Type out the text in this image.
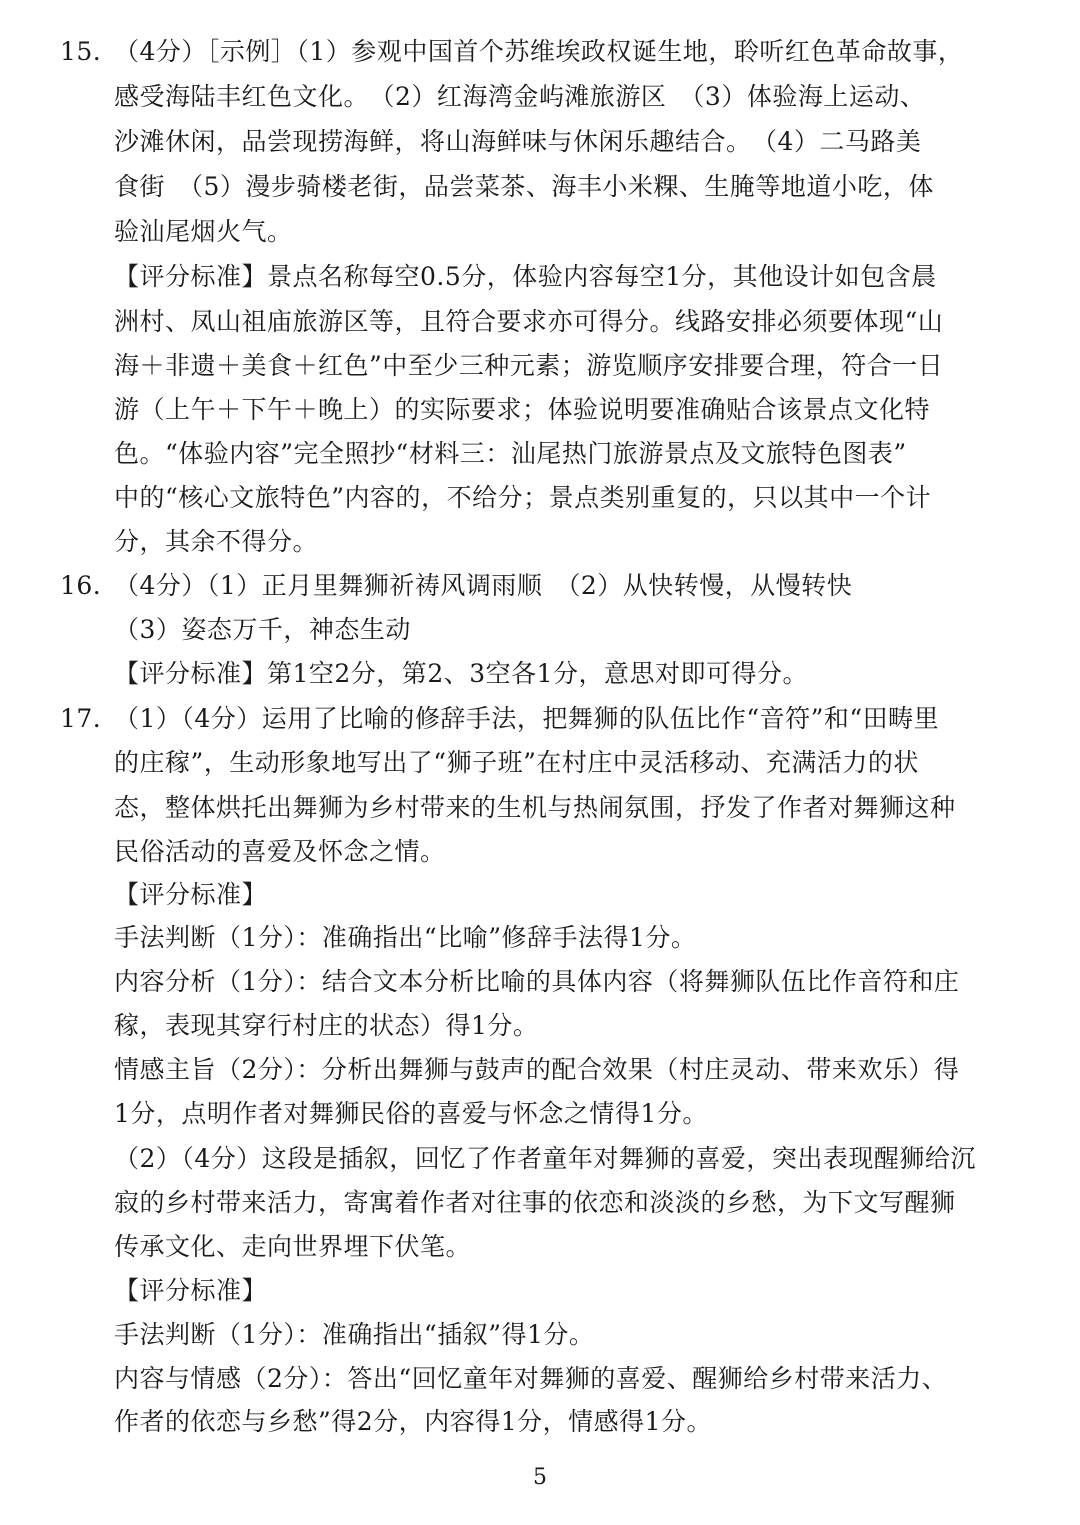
15. （4分）［示例］（1）参观中国首个苏维埃政权诞生地，聆听红色革命故事，
感受海陆丰红色文化。　（2）红海湾金屿滩旅游区　（3）体验海上运动、
沙滩休闲，品尝现捞海鲜，将山海鲜味与休闲乐趣结合。　（4）二马路美
食街　（5）漫步骑楼老街，品尝菜茶、海丰小米粿、生腌等地道小吃，体
验汕尾烟火气。
【评分标准】景点名称每空0.5分，体验内容每空1分，其他设计如包含晨
洲村、凤山祖庙旅游区等，且符合要求亦可得分。线路安排必须要体现“山
海＋非遗＋美食＋红色”中至少三种元素；游览顺序安排要合理，符合一日
游（上午＋下午＋晚上）的实际要求；体验说明要准确贴合该景点文化特
色。“体验内容”完全照抄“材料三：汕尾热门旅游景点及文旅特色图表”
中的“核心文旅特色”内容的，不给分；景点类别重复的，只以其中一个计
分，其余不得分。
16. （4分）（1）正月里舞狮祈祷风调雨顺　（2）从快转慢，从慢转快
（3）姿态万千，神态生动
【评分标准】第1空2分，第2、3空各1分，意思对即可得分。
17. （1）（4分）运用了比喻的修辞手法，把舞狮的队伍比作“音符”和“田畴里
的庄稼”，生动形象地写出了“狮子班”在村庄中灵活移动、充满活力的状
态，整体烘托出舞狮为乡村带来的生机与热闹氛围，抒发了作者对舞狮这种
民俗活动的喜爱及怀念之情。
【评分标准】
手法判断（1分）：准确指出“比喻”修辞手法得1分。
内容分析（1分）：结合文本分析比喻的具体内容（将舞狮队伍比作音符和庄
稼，表现其穿行村庄的状态）得1分。
情感主旨（2分）：分析出舞狮与鼓声的配合效果（村庄灵动、带来欢乐）得
1分，点明作者对舞狮民俗的喜爱与怀念之情得1分。
（2）（4分）这段是插叙，回忆了作者童年对舞狮的喜爱，突出表现醒狮给沉
寂的乡村带来活力，寄寓着作者对往事的依恋和淡淡的乡愁，为下文写醒狮
传承文化、走向世界埋下伏笔。
【评分标准】
手法判断（1分）：准确指出“插叙”得1分。
内容与情感（2分）：答出“回忆童年对舞狮的喜爱、醒狮给乡村带来活力、
作者的依恋与乡愁”得2分，内容得1分，情感得1分。
5
